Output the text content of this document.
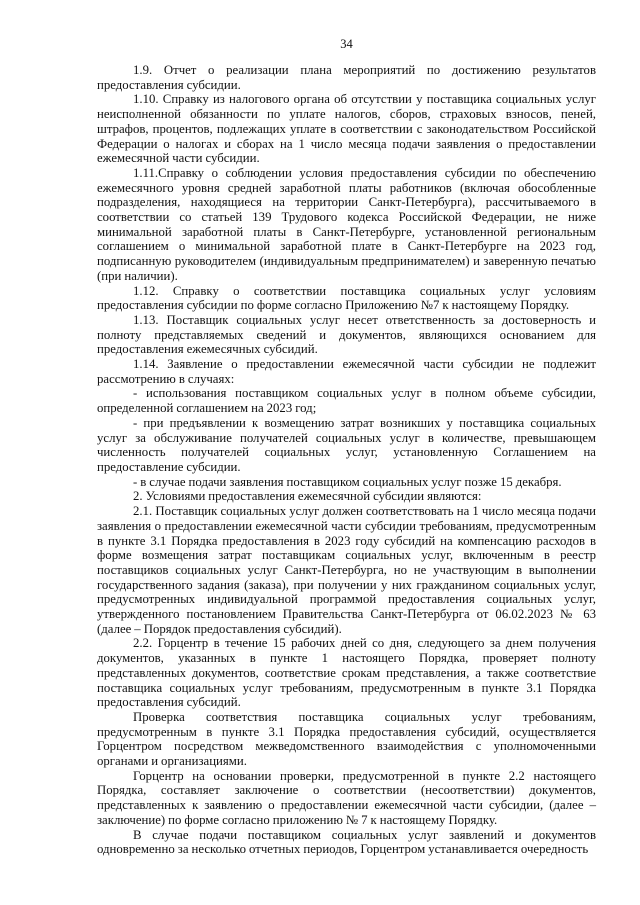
34

1.9. Отчет о реализации плана мероприятий по достижению результатов предоставления субсидии.

1.10. Справку из налогового органа об отсутствии у поставщика социальных услуг неисполненной обязанности по уплате налогов, сборов, страховых взносов, пеней, штрафов, процентов, подлежащих уплате в соответствии с законодательством Российской Федерации о налогах и сборах на 1 число месяца подачи заявления о предоставлении ежемесячной части субсидии.

1.11.Справку о соблюдении условия предоставления субсидии по обеспечению ежемесячного уровня средней заработной платы работников (включая обособленные подразделения, находящиеся на территории Санкт-Петербурга), рассчитываемого в соответствии со статьей 139 Трудового кодекса Российской Федерации, не ниже минимальной заработной платы в Санкт-Петербурге, установленной региональным соглашением о минимальной заработной плате в Санкт-Петербурге на 2023 год, подписанную руководителем (индивидуальным предпринимателем) и заверенную печатью (при наличии).

1.12. Справку о соответствии поставщика социальных услуг условиям предоставления субсидии по форме согласно Приложению №7 к настоящему Порядку.

1.13. Поставщик социальных услуг несет ответственность за достоверность и полноту представляемых сведений и документов, являющихся основанием для предоставления ежемесячных субсидий.

1.14. Заявление о предоставлении ежемесячной части субсидии не подлежит рассмотрению в случаях:

- использования поставщиком социальных услуг в полном объеме субсидии, определенной соглашением на 2023 год;

- при предъявлении к возмещению затрат возникших у поставщика социальных услуг за обслуживание получателей социальных услуг в количестве, превышающем численность получателей социальных услуг, установленную Соглашением на предоставление субсидии.

- в случае подачи заявления поставщиком социальных услуг позже 15 декабря.

2. Условиями предоставления ежемесячной субсидии являются:

2.1. Поставщик социальных услуг должен соответствовать на 1 число месяца подачи заявления о предоставлении ежемесячной части субсидии требованиям, предусмотренным в пункте 3.1 Порядка предоставления в 2023 году субсидий на компенсацию расходов в форме возмещения затрат поставщикам социальных услуг, включенным в реестр поставщиков социальных услуг Санкт-Петербурга, но не участвующим в выполнении государственного задания (заказа), при получении у них гражданином социальных услуг, предусмотренных индивидуальной программой предоставления социальных услуг, утвержденного постановлением Правительства Санкт-Петербурга от 06.02.2023 № 63 (далее – Порядок предоставления субсидий).

2.2. Горцентр в течение 15 рабочих дней со дня, следующего за днем получения документов, указанных в пункте 1 настоящего Порядка, проверяет полноту представленных документов, соответствие срокам представления, а также соответствие поставщика социальных услуг требованиям, предусмотренным в пункте 3.1 Порядка предоставления субсидий.

Проверка соответствия поставщика социальных услуг требованиям, предусмотренным в пункте 3.1 Порядка предоставления субсидий, осуществляется Горцентром посредством межведомственного взаимодействия с уполномоченными органами и организациями.

Горцентр на основании проверки, предусмотренной в пункте 2.2 настоящего Порядка, составляет заключение о соответствии (несоответствии) документов, представленных к заявлению о предоставлении ежемесячной части субсидии, (далее – заключение) по форме согласно приложению № 7 к настоящему Порядку.

В случае подачи поставщиком социальных услуг заявлений и документов одновременно за несколько отчетных периодов, Горцентром устанавливается очередность
